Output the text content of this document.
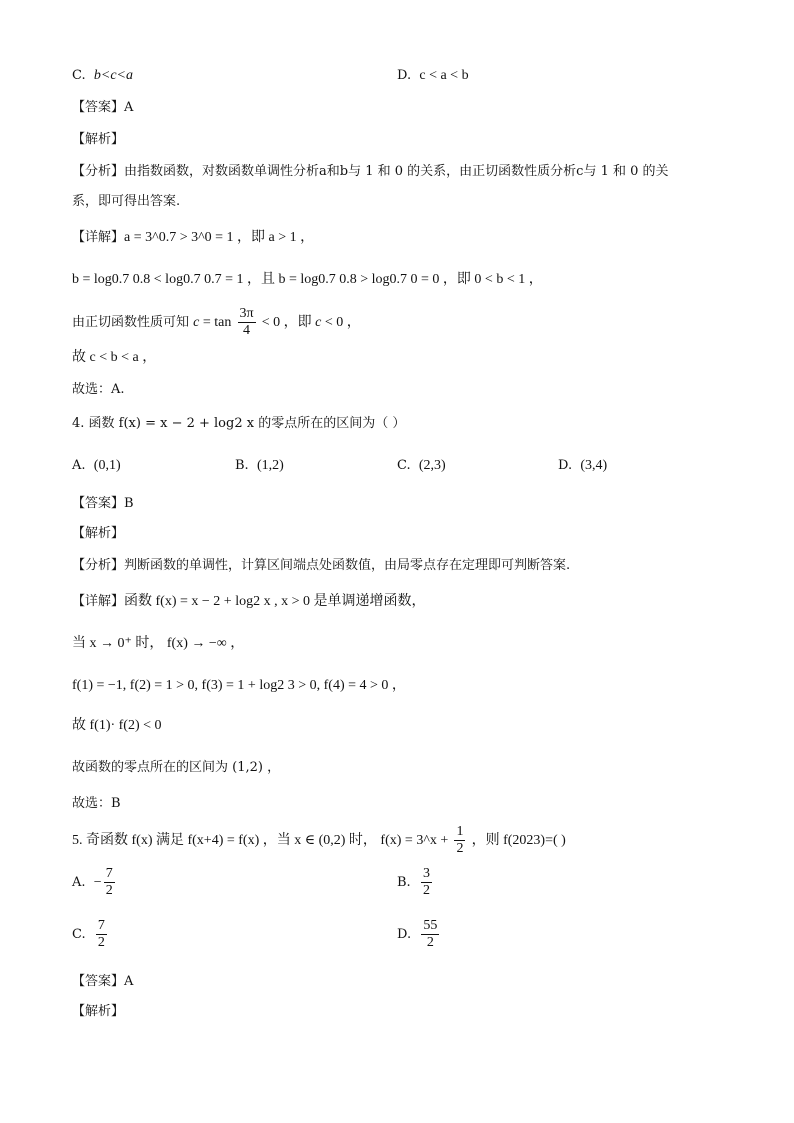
C. b<c<a	D. c < a < b
【答案】A
【解析】
【分析】由指数函数，对数函数单调性分析a和b与 1 和 0 的关系，由正切函数性质分析c与 1 和 0 的关
系，即可得出答案.
【详解】a = 3^0.7 > 3^0 = 1 ，即 a > 1 ，
b = log0.7 0.8 < log0.7 0.7 = 1 ，且 b = log0.7 0.8 > log0.7 0 = 0 ，即 0 < b < 1 ，
由正切函数性质可知 $c = \tan \frac{3\pi}{4} < 0$ ，即 c < 0 ，
故 c < b < a ，
故选：A.
4. 函数 f(x) = x − 2 + log2 x 的零点所在的区间为（ ）
A. (0,1)	B. (1,2)	C. (2,3)	D. (3,4)
【答案】B
【解析】
【分析】判断函数的单调性，计算区间端点处函数值，由局零点存在定理即可判断答案.
【详解】函数 f(x) = x − 2 + log2 x , x > 0 是单调递增函数，
当 x → 0⁺ 时， f(x) → −∞ ，
f(1) = −1, f(2) = 1 > 0, f(3) = 1 + log2 3 > 0, f(4) = 4 > 0 ，
故 f(1)· f(2) < 0
故函数的零点所在的区间为 (1,2) ，
故选：B
5. 奇函数 f(x) 满足 f(x+4) = f(x) ，当 x ∈ (0,2) 时， f(x) = 3^x + $\frac{1}{2}$ ，则 f(2023)=( )
A. − $\frac{7}{2}$	B. $\frac{3}{2}$
C. $\frac{7}{2}$	D. $\frac{55}{2}$
【答案】A
【解析】
